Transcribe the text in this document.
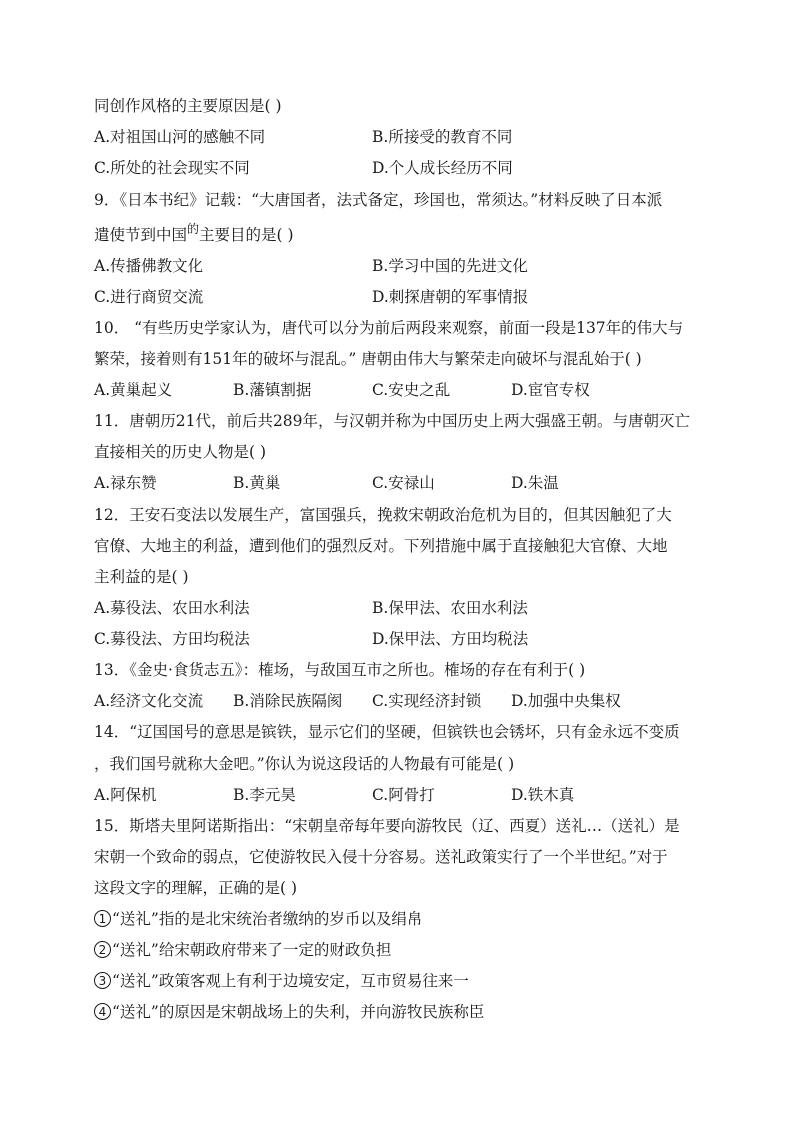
同创作风格的主要原因是( )
A.对祖国山河的感触不同	B.所接受的教育不同
C.所处的社会现实不同	D.个人成长经历不同
9．《日本书纪》记载：“大唐国者，法式备定，珍国也，常须达。”材料反映了日本派
遣使节到中国$^的$主要目的是( )
A.传播佛教文化	B.学习中国的先进文化
C.进行商贸交流	D.刺探唐朝的军事情报
10． “有些历史学家认为，唐代可以分为前后两段来观察，前面一段是137年的伟大与
繁荣，接着则有151年的破坏与混乱。” 唐朝由伟大与繁荣走向破坏与混乱始于( )
A.黄巢起义	B.藩镇割据	C.安史之乱	D.宦官专权
11．唐朝历21代，前后共289年，与汉朝并称为中国历史上两大强盛王朝。与唐朝灭亡
直接相关的历史人物是( )
A.禄东赞	B.黄巢	C.安禄山	D.朱温
12．王安石变法以发展生产，富国强兵，挽救宋朝政治危机为目的，但其因触犯了大
官僚、大地主的利益，遭到他们的强烈反对。下列措施中属于直接触犯大官僚、大地
主利益的是( )
A.募役法、农田水利法	B.保甲法、农田水利法
C.募役法、方田均税法	D.保甲法、方田均税法
13．《金史·食货志五》：榷场，与敌国互市之所也。榷场的存在有利于( )
A.经济文化交流 B.消除民族隔阂 C.实现经济封锁 D.加强中央集权
14．“辽国国号的意思是镔铁，显示它们的坚硬，但镔铁也会锈坏，只有金永远不变质
，我们国号就称大金吧。”你认为说这段话的人物最有可能是( )
A.阿保机	B.李元昊	C.阿骨打	D.铁木真
15．斯塔夫里阿诺斯指出：“宋朝皇帝每年要向游牧民（辽、西夏）送礼…（送礼）是
宋朝一个致命的弱点，它使游牧民入侵十分容易。送礼政策实行了一个半世纪。”对于
这段文字的理解，正确的是( )
1 “送礼”指的是北宋统治者缴纳的岁币以及绢帛
2 “送礼”给宋朝政府带来了一定的财政负担
3 “送礼”政策客观上有利于边境安定，互市贸易往来一
4 “送礼”的原因是宋朝战场上的失利，并向游牧民族称臣
